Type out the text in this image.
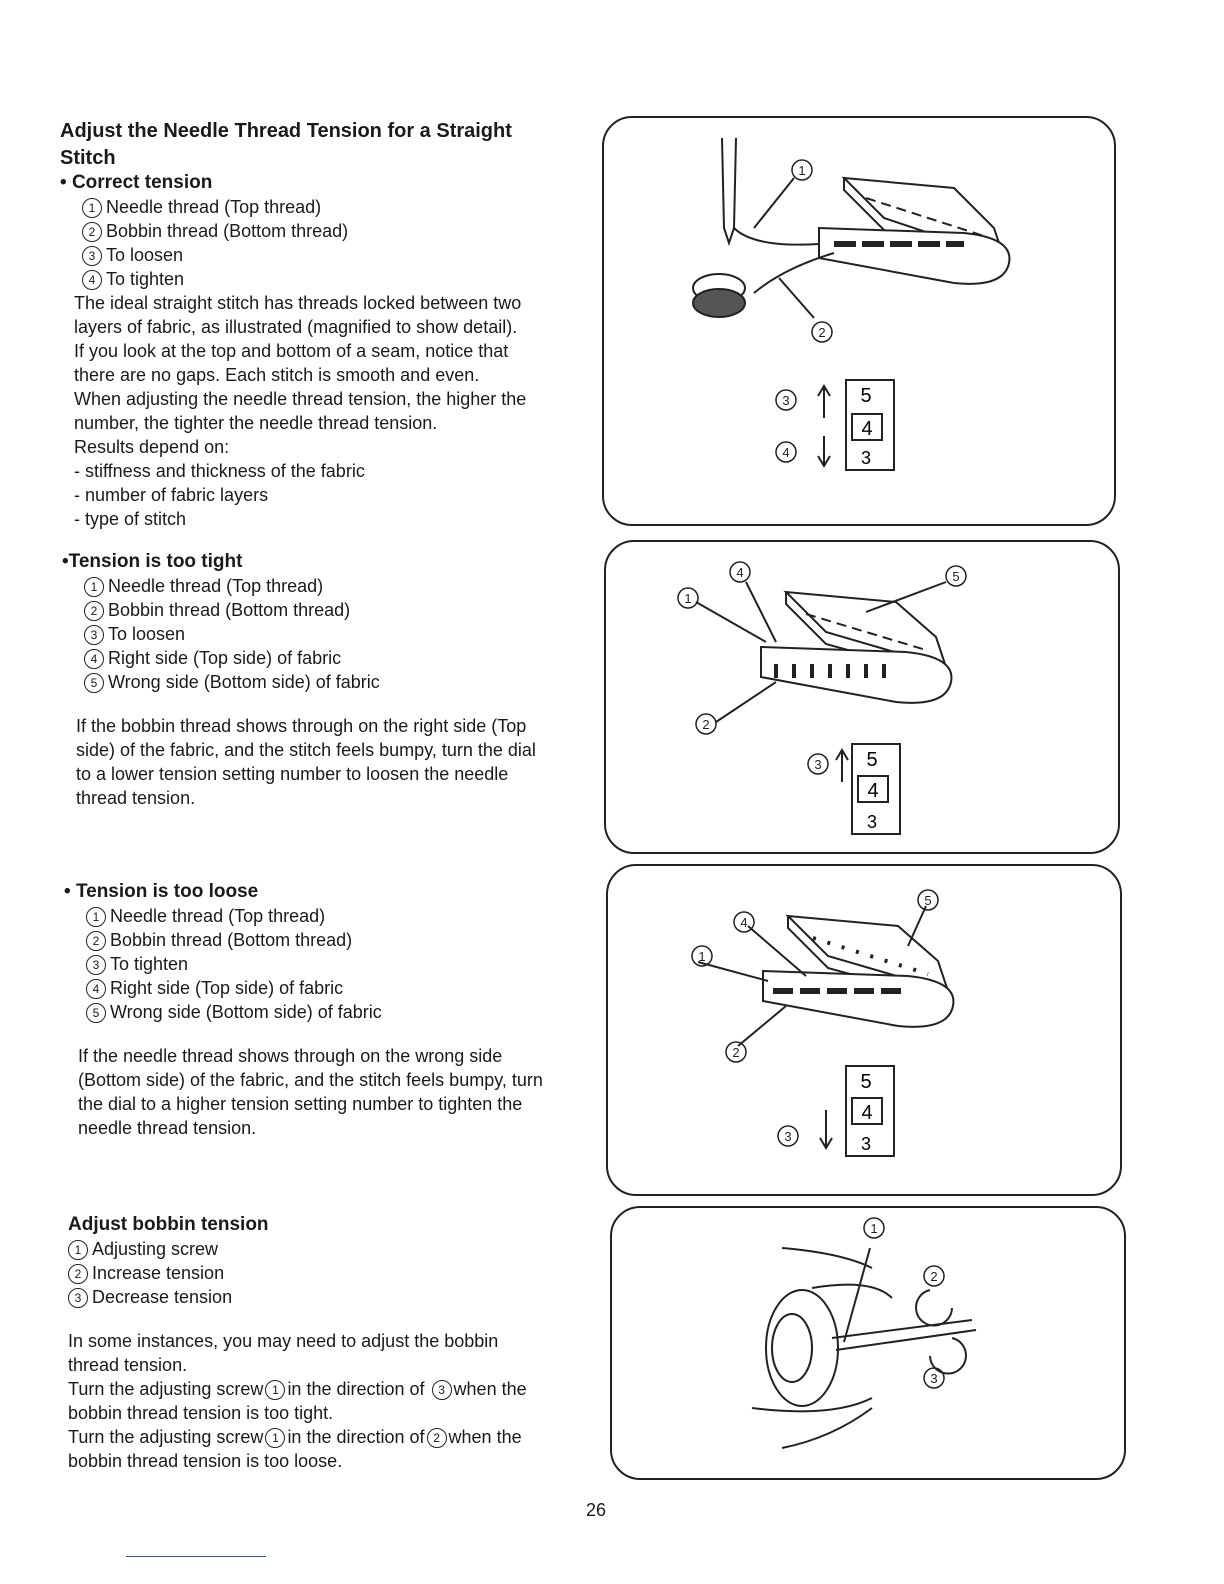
Adjust the Needle Thread Tension for a Straight Stitch
• Correct tension
1 Needle thread (Top thread)
2 Bobbin thread (Bottom thread)
3 To loosen
4 To tighten
The ideal straight stitch has threads locked between two
layers of fabric, as illustrated (magnified to show detail).
If you look at the top and bottom of a seam, notice that
there are no gaps. Each stitch is smooth and even.
When adjusting the needle thread tension, the higher the
number, the tighter the needle thread tension.
Results depend on:
- stiffness and thickness of the fabric
- number of fabric layers
- type of stitch
•Tension is too tight
1 Needle thread (Top thread)
2 Bobbin thread (Bottom thread)
3 To loosen
4 Right side (Top side) of fabric
5 Wrong side (Bottom side) of fabric
If the bobbin thread shows through on the right side (Top
side) of the fabric, and the stitch feels bumpy, turn the dial
to a lower tension setting number to loosen the needle
thread tension.
• Tension is too loose
1 Needle thread (Top thread)
2 Bobbin thread (Bottom thread)
3 To tighten
4 Right side (Top side) of fabric
5 Wrong side (Bottom side) of fabric
If the needle thread shows through on the wrong side
(Bottom side) of the fabric, and the stitch feels bumpy, turn
the dial to a higher tension setting number to tighten the
needle thread tension.
Adjust bobbin tension
1 Adjusting screw
2 Increase tension
3 Decrease tension
In some instances, you may need to adjust the bobbin
thread tension.
Turn the adjusting screw 1 in the direction of 3 when the
bobbin thread tension is too tight.
Turn the adjusting screw 1 in the direction of 2 when the
bobbin thread tension is too loose.
1
2
3
4
5
4
3
1
4	5
2
3 5
4
3
1
4
5
2
3
5
4
3
1
2
3
26
